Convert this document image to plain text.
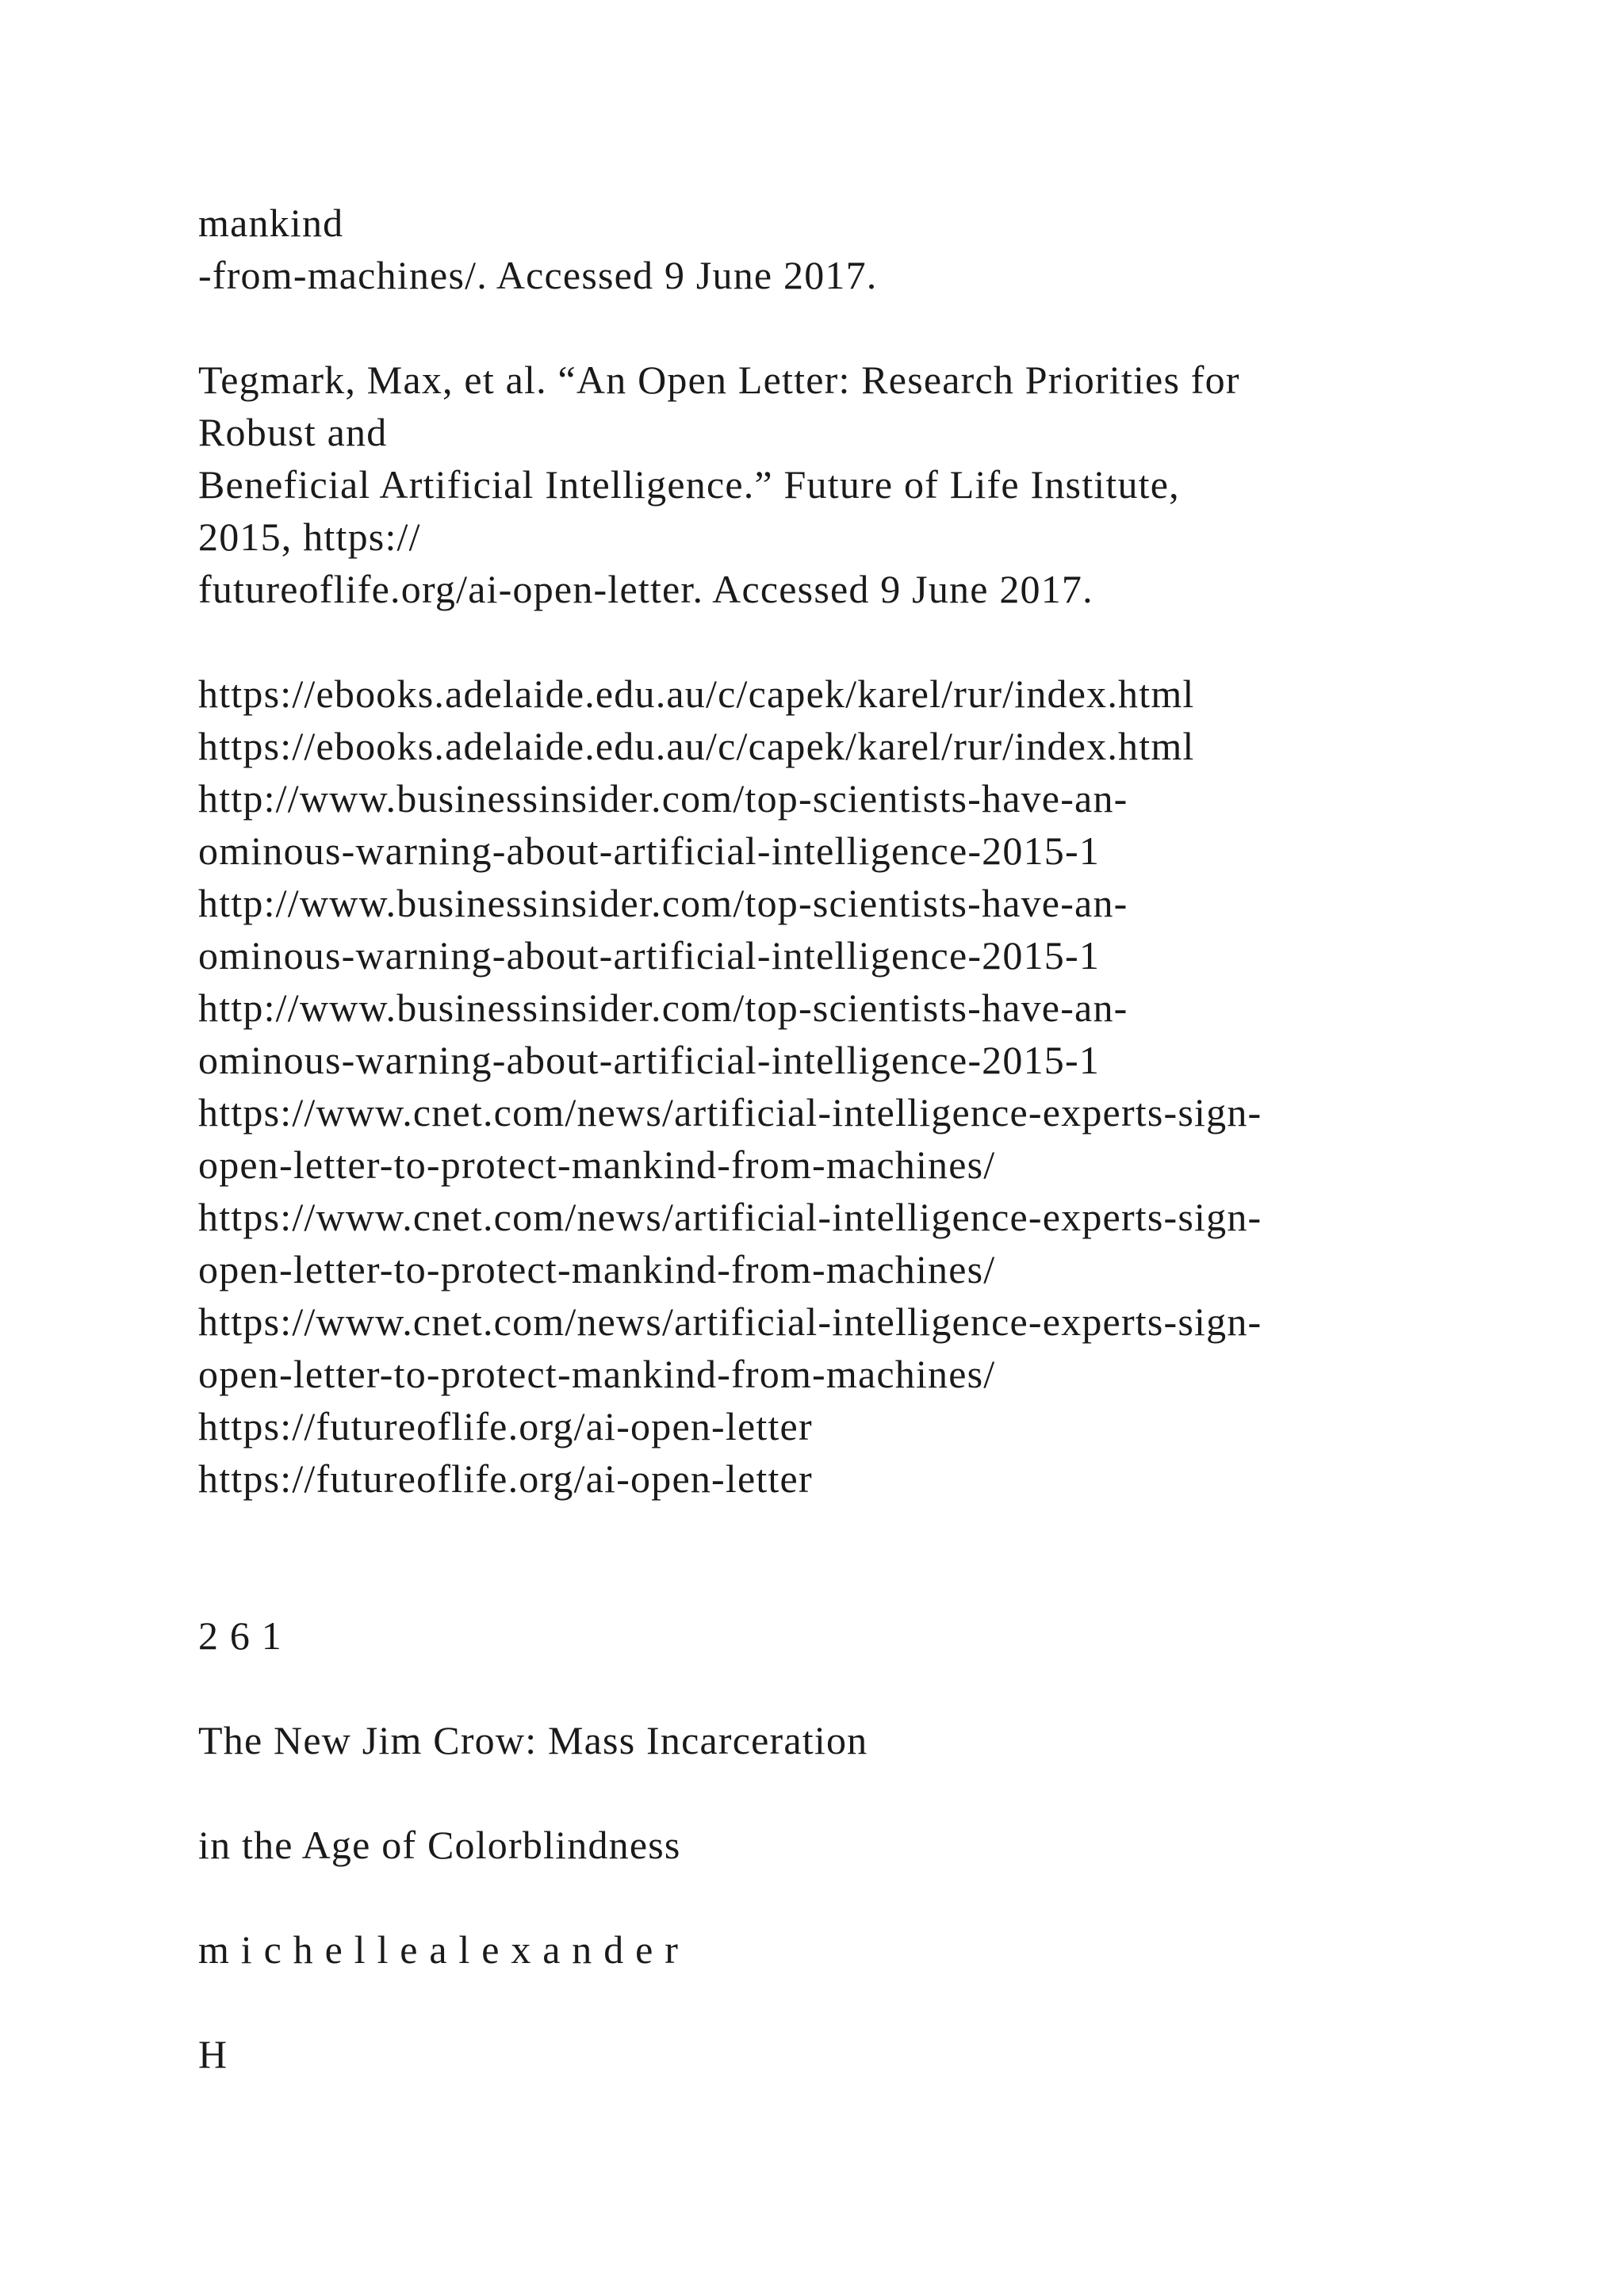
mankind

-from-machines/. Accessed 9 June 2017.

Tegmark, Max, et al. “An Open Letter: Research Priorities for

Robust and

Beneficial Artificial Intelligence.” Future of Life Institute,

2015, https://

futureoflife.org/ai-open-letter. Accessed 9 June 2017.

https://ebooks.adelaide.edu.au/c/capek/karel/rur/index.html

https://ebooks.adelaide.edu.au/c/capek/karel/rur/index.html

http://www.businessinsider.com/top-scientists-have-an-

ominous-warning-about-artificial-intelligence-2015-1

http://www.businessinsider.com/top-scientists-have-an-

ominous-warning-about-artificial-intelligence-2015-1

http://www.businessinsider.com/top-scientists-have-an-

ominous-warning-about-artificial-intelligence-2015-1

https://www.cnet.com/news/artificial-intelligence-experts-sign-

open-letter-to-protect-mankind-from-machines/

https://www.cnet.com/news/artificial-intelligence-experts-sign-

open-letter-to-protect-mankind-from-machines/

https://www.cnet.com/news/artificial-intelligence-experts-sign-

open-letter-to-protect-mankind-from-machines/

https://futureoflife.org/ai-open-letter

https://futureoflife.org/ai-open-letter

2 6 1

The New Jim Crow: Mass Incarceration

in the Age of Colorblindness

m i c h e l l e a l e x a n d e r

H
